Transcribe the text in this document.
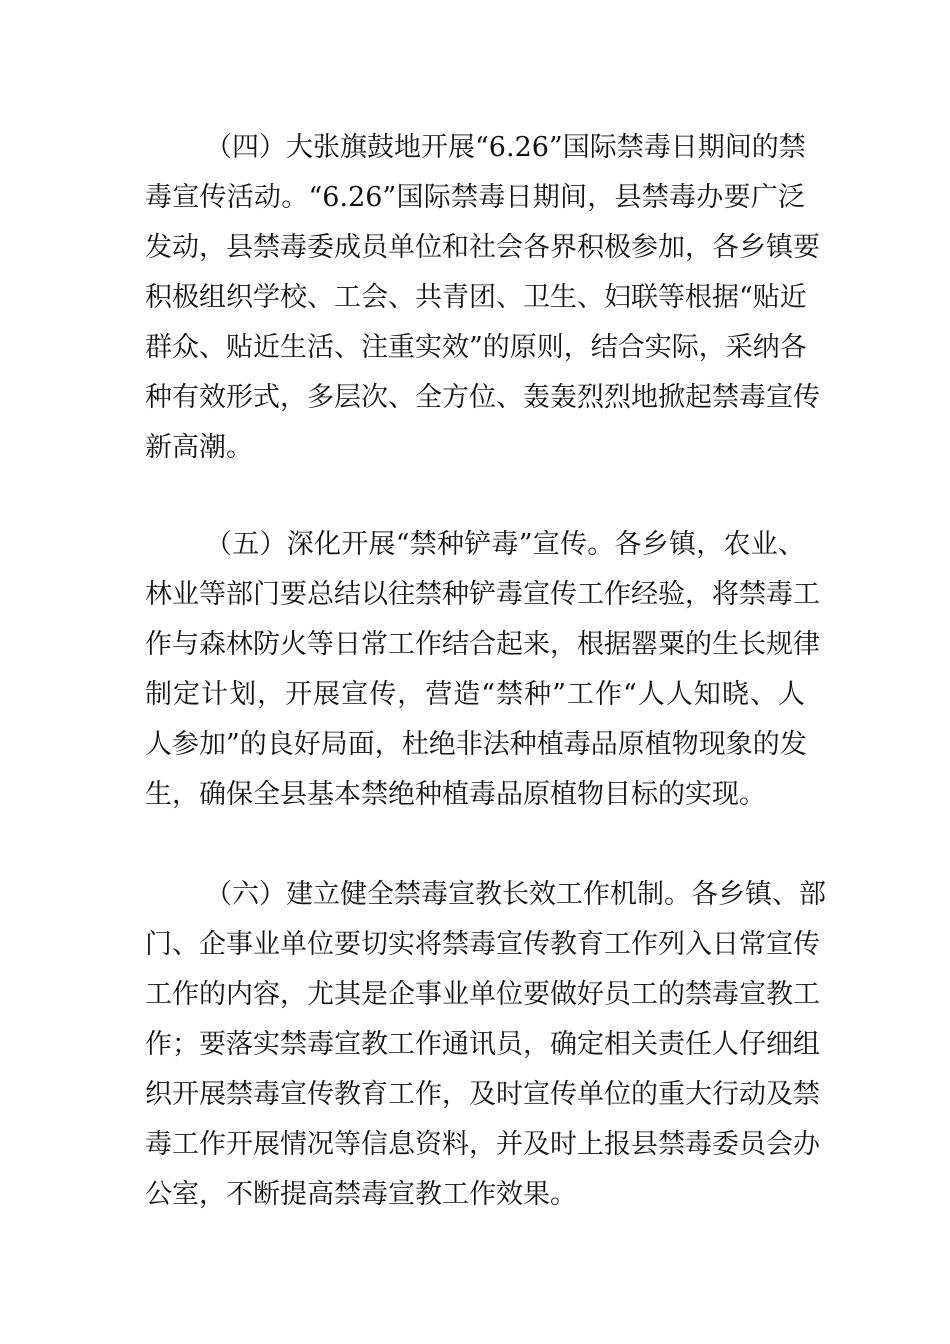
（四）大张旗鼓地开展“6.26”国际禁毒日期间的禁
毒宣传活动。“6.26”国际禁毒日期间，县禁毒办要广泛
发动，县禁毒委成员单位和社会各界积极参加，各乡镇要
积极组织学校、工会、共青团、卫生、妇联等根据“贴近
群众、贴近生活、注重实效”的原则，结合实际，采纳各
种有效形式，多层次、全方位、轰轰烈烈地掀起禁毒宣传
新高潮。
（五）深化开展“禁种铲毒”宣传。各乡镇，农业、
林业等部门要总结以往禁种铲毒宣传工作经验，将禁毒工
作与森林防火等日常工作结合起来，根据罂粟的生长规律
制定计划，开展宣传，营造“禁种”工作“人人知晓、人
人参加”的良好局面，杜绝非法种植毒品原植物现象的发
生，确保全县基本禁绝种植毒品原植物目标的实现。
（六）建立健全禁毒宣教长效工作机制。各乡镇、部
门、企事业单位要切实将禁毒宣传教育工作列入日常宣传
工作的内容，尤其是企事业单位要做好员工的禁毒宣教工
作；要落实禁毒宣教工作通讯员，确定相关责任人仔细组
织开展禁毒宣传教育工作，及时宣传单位的重大行动及禁
毒工作开展情况等信息资料，并及时上报县禁毒委员会办
公室，不断提高禁毒宣教工作效果。
